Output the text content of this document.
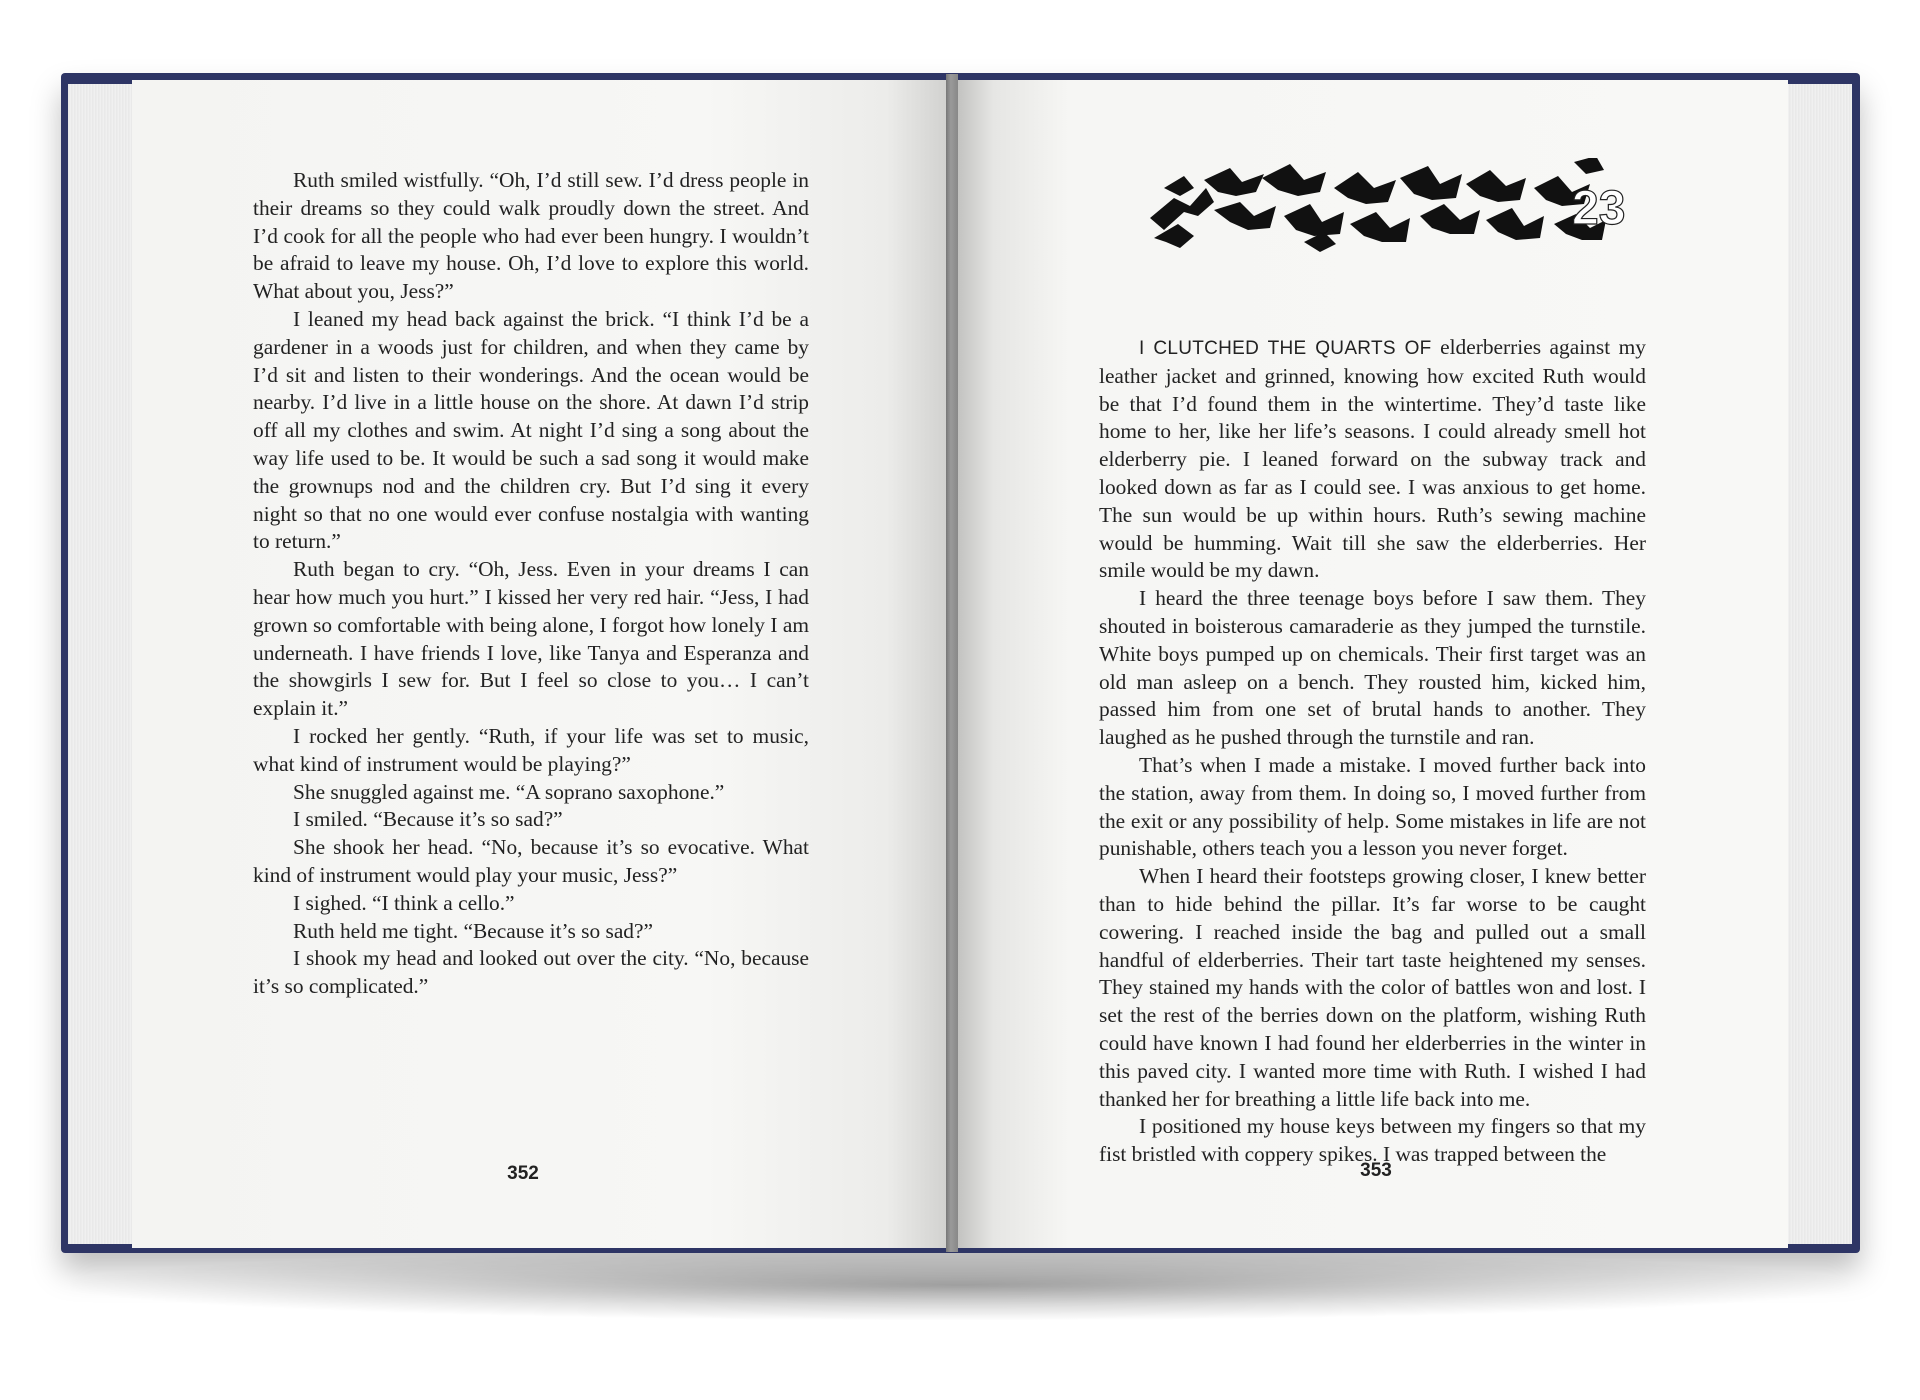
Ruth smiled wistfully. “Oh, I’d still sew. I’d dress people in their dreams so they could walk proudly down the street. And I’d cook for all the people who had ever been hungry. I wouldn’t be afraid to leave my house. Oh, I’d love to explore this world. What about you, Jess?”

I leaned my head back against the brick. “I think I’d be a gardener in a woods just for children, and when they came by I’d sit and listen to their wonderings. And the ocean would be nearby. I’d live in a little house on the shore. At dawn I’d strip off all my clothes and swim. At night I’d sing a song about the way life used to be. It would be such a sad song it would make the grownups nod and the children cry. But I’d sing it every night so that no one would ever confuse nostalgia with wanting to return.”

Ruth began to cry. “Oh, Jess. Even in your dreams I can hear how much you hurt.” I kissed her very red hair. “Jess, I had grown so comfortable with being alone, I forgot how lonely I am underneath. I have friends I love, like Tanya and Esperanza and the showgirls I sew for. But I feel so close to you… I can’t explain it.”

I rocked her gently. “Ruth, if your life was set to music, what kind of instrument would be playing?”

She snuggled against me. “A soprano saxophone.”

I smiled. “Because it’s so sad?”

She shook her head. “No, because it’s so evocative. What kind of instrument would play your music, Jess?”

I sighed. “I think a cello.”

Ruth held me tight. “Because it’s so sad?”

I shook my head and looked out over the city. “No, because it’s so complicated.”

352
23

I CLUTCHED THE QUARTS OF elderberries against my leather jacket and grinned, knowing how excited Ruth would be that I’d found them in the wintertime. They’d taste like home to her, like her life’s seasons. I could already smell hot elderberry pie. I leaned forward on the subway track and looked down as far as I could see. I was anxious to get home. The sun would be up within hours. Ruth’s sewing machine would be humming. Wait till she saw the elderberries. Her smile would be my dawn.

I heard the three teenage boys before I saw them. They shouted in boisterous camaraderie as they jumped the turnstile. White boys pumped up on chemicals. Their first target was an old man asleep on a bench. They rousted him, kicked him, passed him from one set of brutal hands to another. They laughed as he pushed through the turnstile and ran.

That’s when I made a mistake. I moved further back into the station, away from them. In doing so, I moved further from the exit or any possibility of help. Some mistakes in life are not punishable, others teach you a lesson you never forget.

When I heard their footsteps growing closer, I knew better than to hide behind the pillar. It’s far worse to be caught cowering. I reached inside the bag and pulled out a small handful of elderberries. Their tart taste heightened my senses. They stained my hands with the color of battles won and lost. I set the rest of the berries down on the platform, wishing Ruth could have known I had found her elderberries in the winter in this paved city. I wanted more time with Ruth. I wished I had thanked her for breathing a little life back into me.

I positioned my house keys between my fingers so that my fist bristled with coppery spikes. I was trapped between the

353
